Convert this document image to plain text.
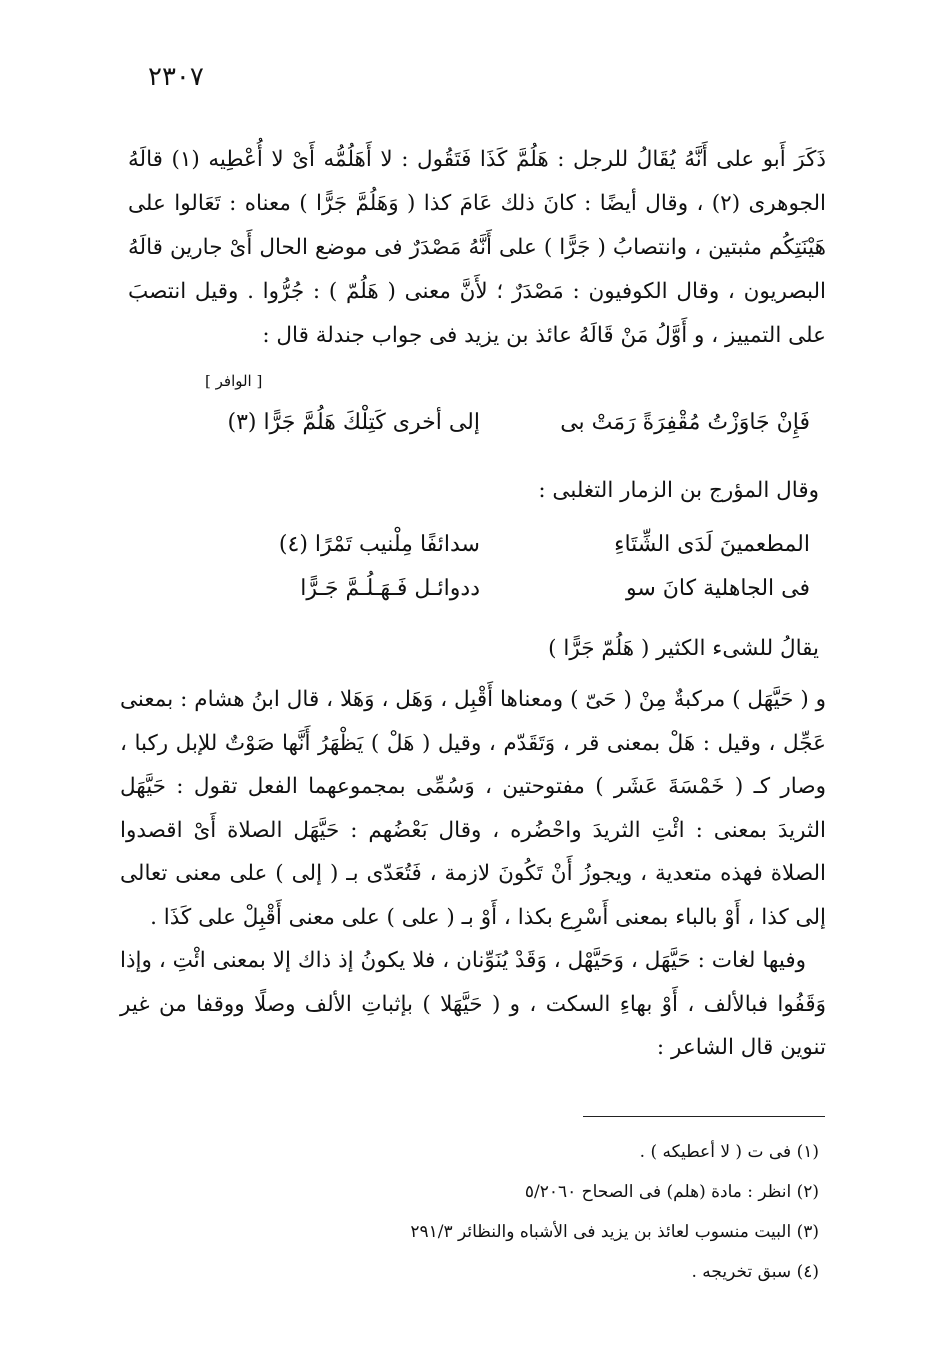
٢٣٠٧

ذَكَرَ أَبو على أَنَّهُ يُقَالُ للرجل : هَلُمَّ كَذَا فَتَقُول : لا أَهَلُمُّه أَىْ لا أُعْطِيه (١) قالَهُ الجوهرى (٢) ، وقال أيضًا : كانَ ذلك عَامَ كذا ( وَهَلُمَّ جَرًّا ) معناه : تَعَالوا على هَيْنَتِكُم مثبتين ، وانتصابُ ( جَرًّا ) على أَنَّهُ مَصْدَرٌ فى موضع الحال أَىْ جارين قالَهُ البصريون ، وقال الكوفيون : مَصْدَرٌ ؛ لأَنَّ معنى ( هَلُمّ ) : جُرُّوا . وقيل انتصبَ على التمييز ، و أَوَّلُ مَنْ قَالَهُ عائذ بن يزيد فى جواب جندلة قال :

[ الوافر ]
فَإِنْ جَاوَزْتُ مُقْفِرَةً رَمَتْ بى
إلى أخرى كَتِلْكَ هَلُمَّ جَرًّا (٣)
وقال المؤرج بن الزمار التغلبى :
المطعمينَ لَدَى الشِّتَاءِ
سدائفًا مِلْنيب تَمْرًا (٤)
فى الجاهلية كانَ سو
ددوائـل فَـهَـلُـمَّ جَـرًّا
يقالُ للشىء الكثير ( هَلُمّ جَرًّا )

و ( حَيَّهَل ) مركبةٌ مِنْ ( حَىّ ) ومعناها أَقْبِل ، وَهَل ، وَهَلا ، قال ابنُ هشام : بمعنى عَجِّل ، وقيل : هَلْ بمعنى قر ، وَتَقَدّم ، وقيل ( هَلْ ) يَظْهَرُ أَنَّها صَوْتٌ للإبل ركبا ، وصار كـ ( خَمْسَةَ عَشَر ) مفتوحتين ، وَسُمِّى بمجموعهما الفعل تقول : حَيَّهَل الثريدَ بمعنى : ائْتِ الثريدَ واحْضُره ، وقال بَعْضُهم : حَيَّهَل الصلاة أَىْ اقصدوا الصلاة فهذه متعدية ، ويجوزُ أَنْ تَكُونَ لازمة ، فَتُعَدّى بـ ( إلى ) على معنى تعالى إلى كذا ، أَوْ بالباء بمعنى أَسْرِع بكذا ، أَوْ بـ ( على ) على معنى أَقْبِلْ على كَذَا .

وفيها لغات : حَيَّهَل ، وَحَيَّهْل ، وَقَدْ يُنَوِّنان ، فلا يكونُ إذ ذاك إلا بمعنى ائْتِ ، وإذا وَقَفُوا فبالألف ، أَوْ بهاءِ السكت ، و ( حَيَّهَلا ) بإثباتِ الألف وصلًا ووقفا من غير تنوين قال الشاعر :

(١) فى ت ( لا أعطيكه ) .
(٢) انظر : مادة (هلم) فى الصحاح ٥/٢٠٦٠
(٣) البيت منسوب لعائذ بن يزيد فى الأشباه والنظائر ٢٩١/٣
(٤) سبق تخريجه .
